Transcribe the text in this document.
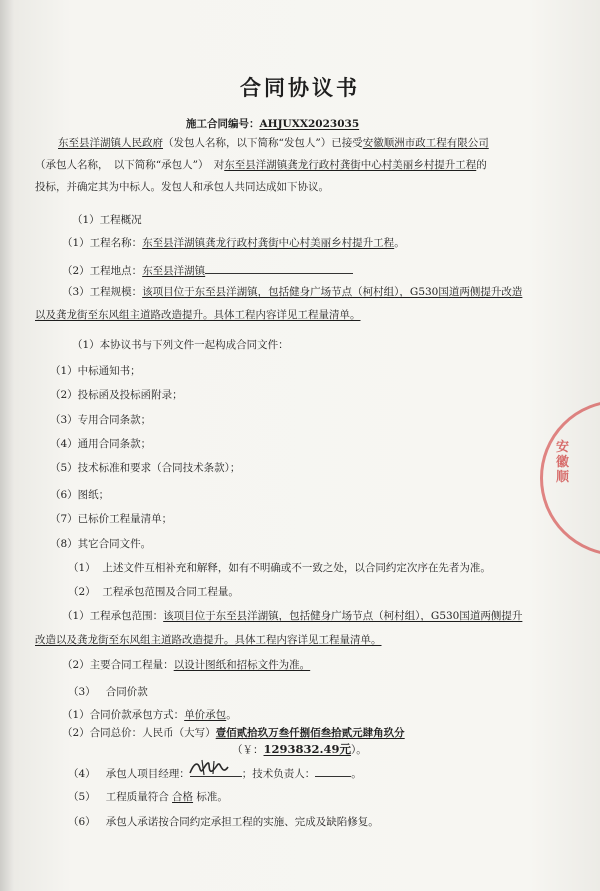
合同协议书
施工合同编号：AHJUXX2023035
东至县洋湖镇人民政府（发包人名称，以下简称“发包人”）已接受安徽顺洲市政工程有限公司
（承包人名称，　以下简称“承包人”）　对东至县洋湖镇龚龙行政村龚街中心村美丽乡村提升工程的
投标，并确定其为中标人。发包人和承包人共同达成如下协议。
（1）工程概况
（1）工程名称：东至县洋湖镇龚龙行政村龚街中心村美丽乡村提升工程。
（2）工程地点：东至县洋湖镇
（3）工程规模：该项目位于东至县洋湖镇，包括健身广场节点（柯村组），G530国道两侧提升改造
以及龚龙街至东风组主道路改造提升。具体工程内容详见工程量清单。
（1）本协议书与下列文件一起构成合同文件：
（1）中标通知书；
（2）投标函及投标函附录；
（3）专用合同条款；
（4）通用合同条款；
（5）技术标准和要求（合同技术条款）；
（6）图纸；
（7）已标价工程量清单；
（8）其它合同文件。
（1） 上述文件互相补充和解释，如有不明确或不一致之处，以合同约定次序在先者为准。
（2） 工程承包范围及合同工程量。
（1）工程承包范围：该项目位于东至县洋湖镇，包括健身广场节点（柯村组），G530国道两侧提升
改造以及龚龙街至东风组主道路改造提升。具体工程内容详见工程量清单。
（2）主要合同工程量：以设计图纸和招标文件为准。
（3） 合同价款
（1）合同价款承包方式：单价承包。
（2）合同总价：人民币（大写）壹佰贰拾玖万叁仟捌佰叁拾贰元肆角玖分
（￥：1293832.49元）。
（4） 承包人项目经理：	；技术负责人：	。
（5） 工程质量符合 合格 标准。
（6） 承包人承诺按合同约定承担工程的实施、完成及缺陷修复。
安徽顺
